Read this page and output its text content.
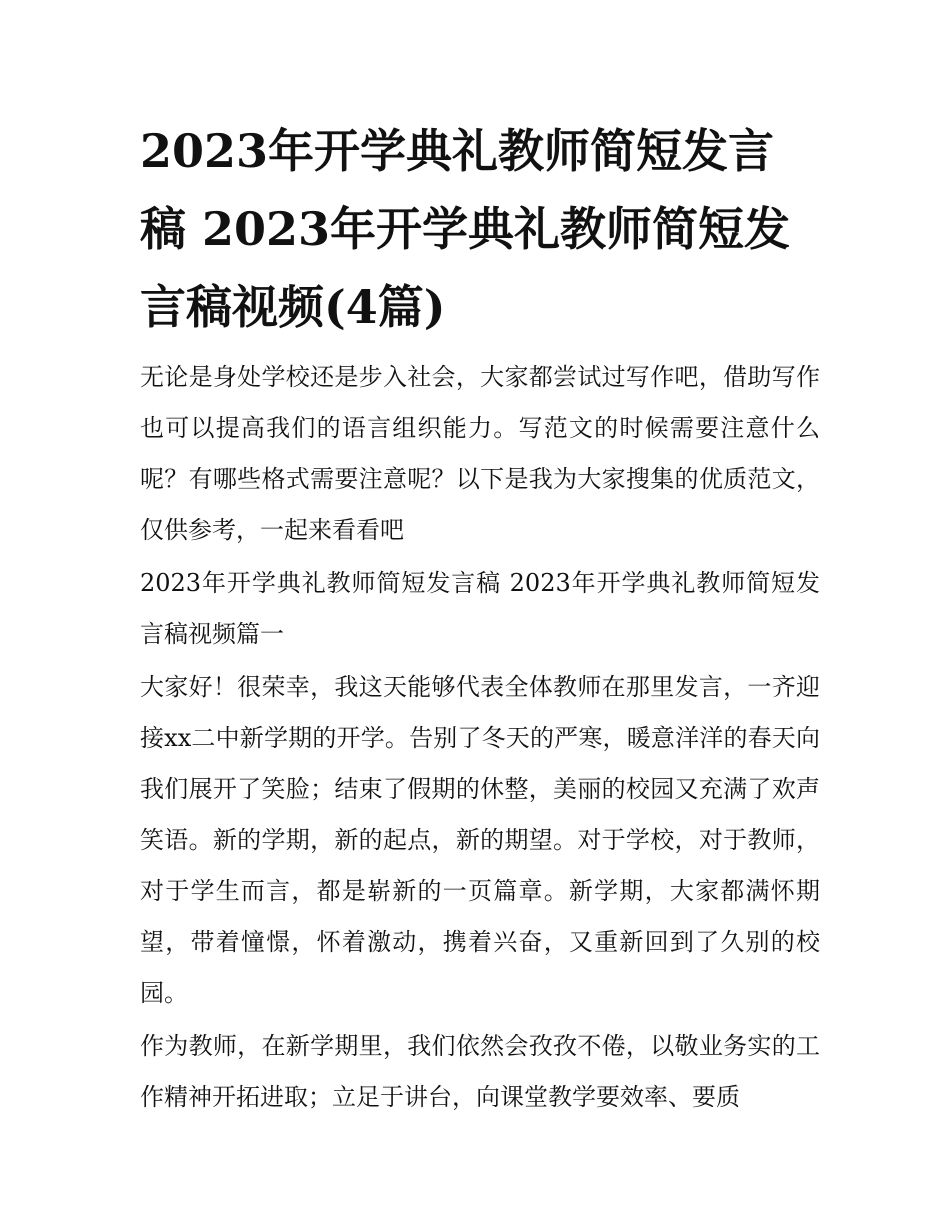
2023年开学典礼教师简短发言稿 2023年开学典礼教师简短发言稿视频(4篇)

无论是身处学校还是步入社会，大家都尝试过写作吧，借助写作也可以提高我们的语言组织能力。写范文的时候需要注意什么呢？有哪些格式需要注意呢？以下是我为大家搜集的优质范文，仅供参考，一起来看看吧

2023年开学典礼教师简短发言稿 2023年开学典礼教师简短发言稿视频篇一

大家好！很荣幸，我这天能够代表全体教师在那里发言，一齐迎接xx二中新学期的开学。告别了冬天的严寒，暖意洋洋的春天向我们展开了笑脸；结束了假期的休整，美丽的校园又充满了欢声笑语。新的学期，新的起点，新的期望。对于学校，对于教师，对于学生而言，都是崭新的一页篇章。新学期，大家都满怀期望，带着憧憬，怀着激动，携着兴奋，又重新回到了久别的校园。

作为教师，在新学期里，我们依然会孜孜不倦，以敬业务实的工作精神开拓进取；立足于讲台，向课堂教学要效率、要质
